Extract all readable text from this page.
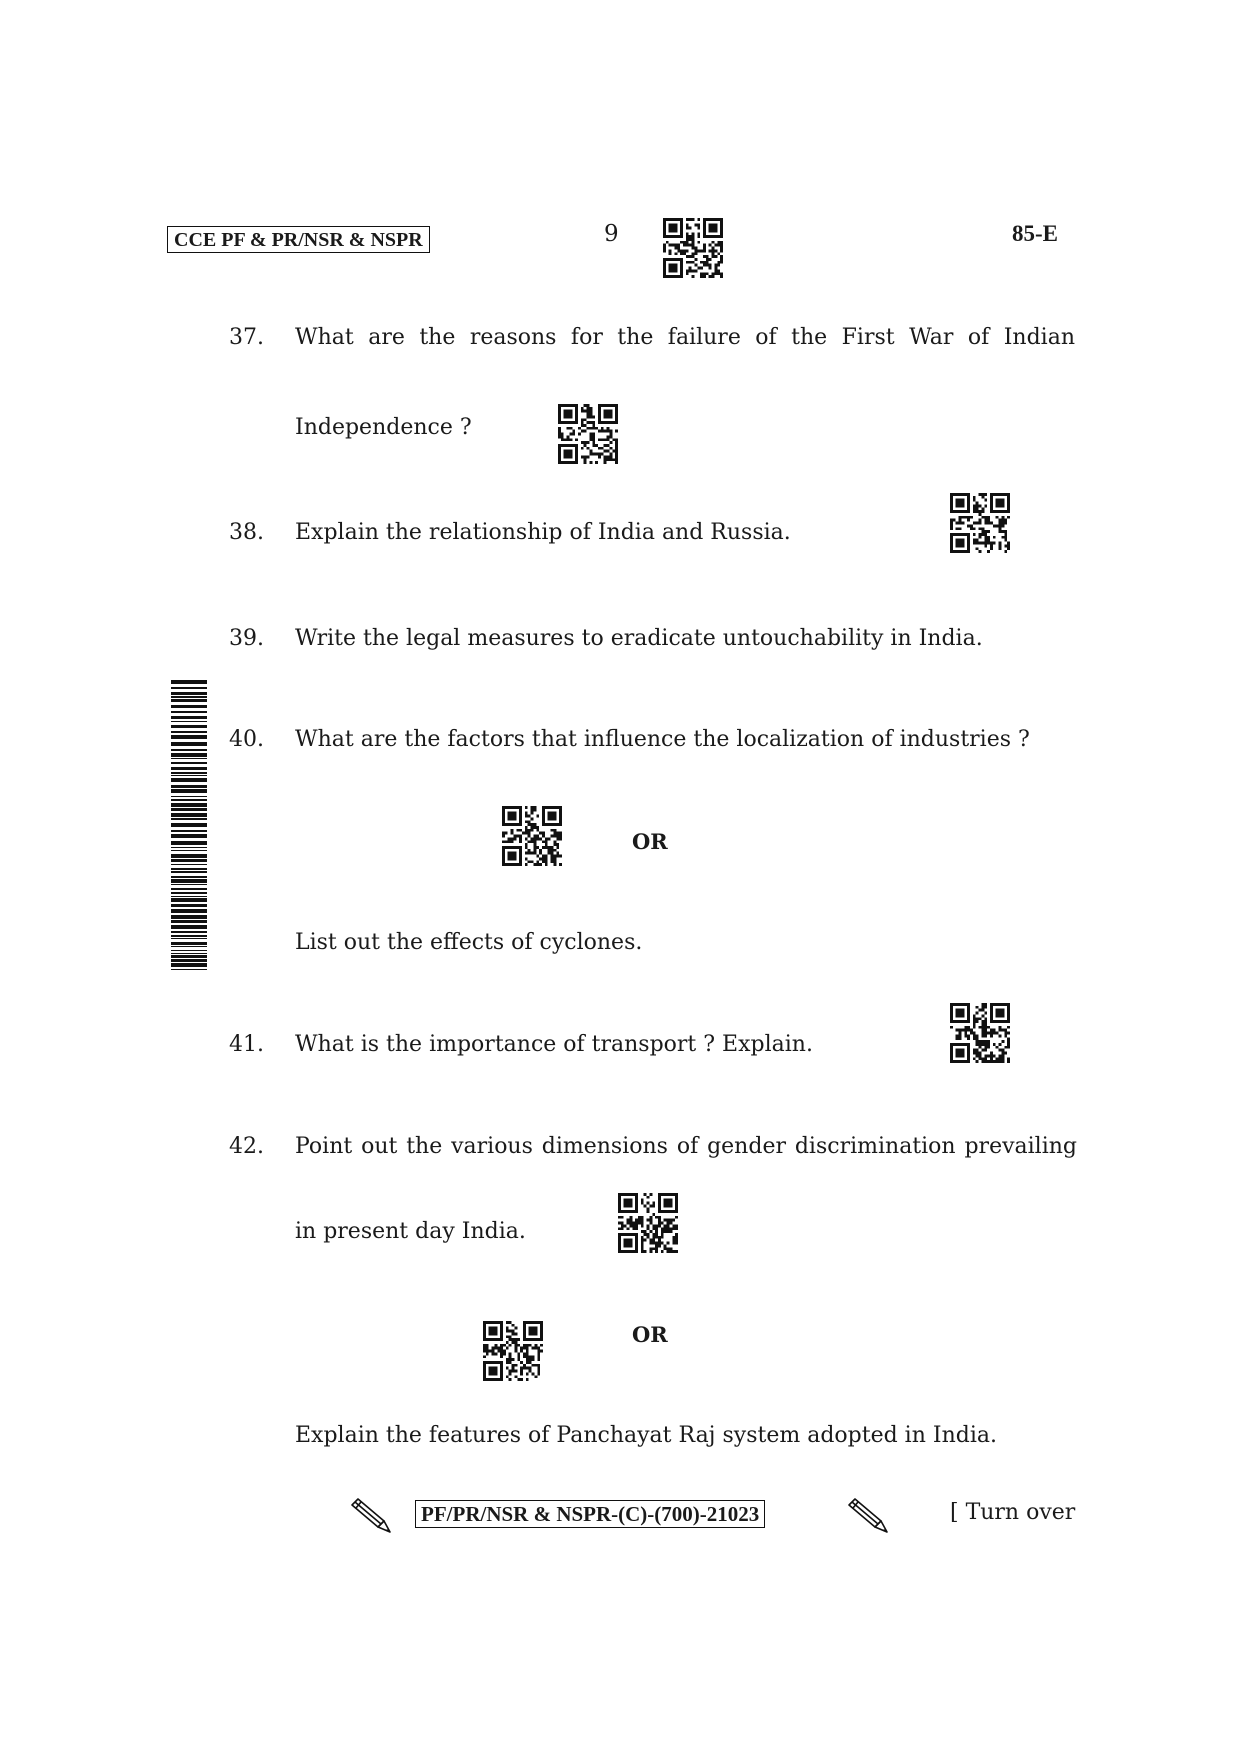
CCE PF & PR/NSR & NSPR	9	85-E
37. What are the reasons for the failure of the First War of Indian
Independence ?
38. Explain the relationship of India and Russia.
39. Write the legal measures to eradicate untouchability in India.
40. What are the factors that influence the localization of industries ?
OR
List out the effects of cyclones.
41. What is the importance of transport ? Explain.
42. Point out the various dimensions of gender discrimination prevailing
in present day India.
OR
Explain the features of Panchayat Raj system adopted in India.
PF/PR/NSR & NSPR-(C)-(700)-21023	[ Turn over
